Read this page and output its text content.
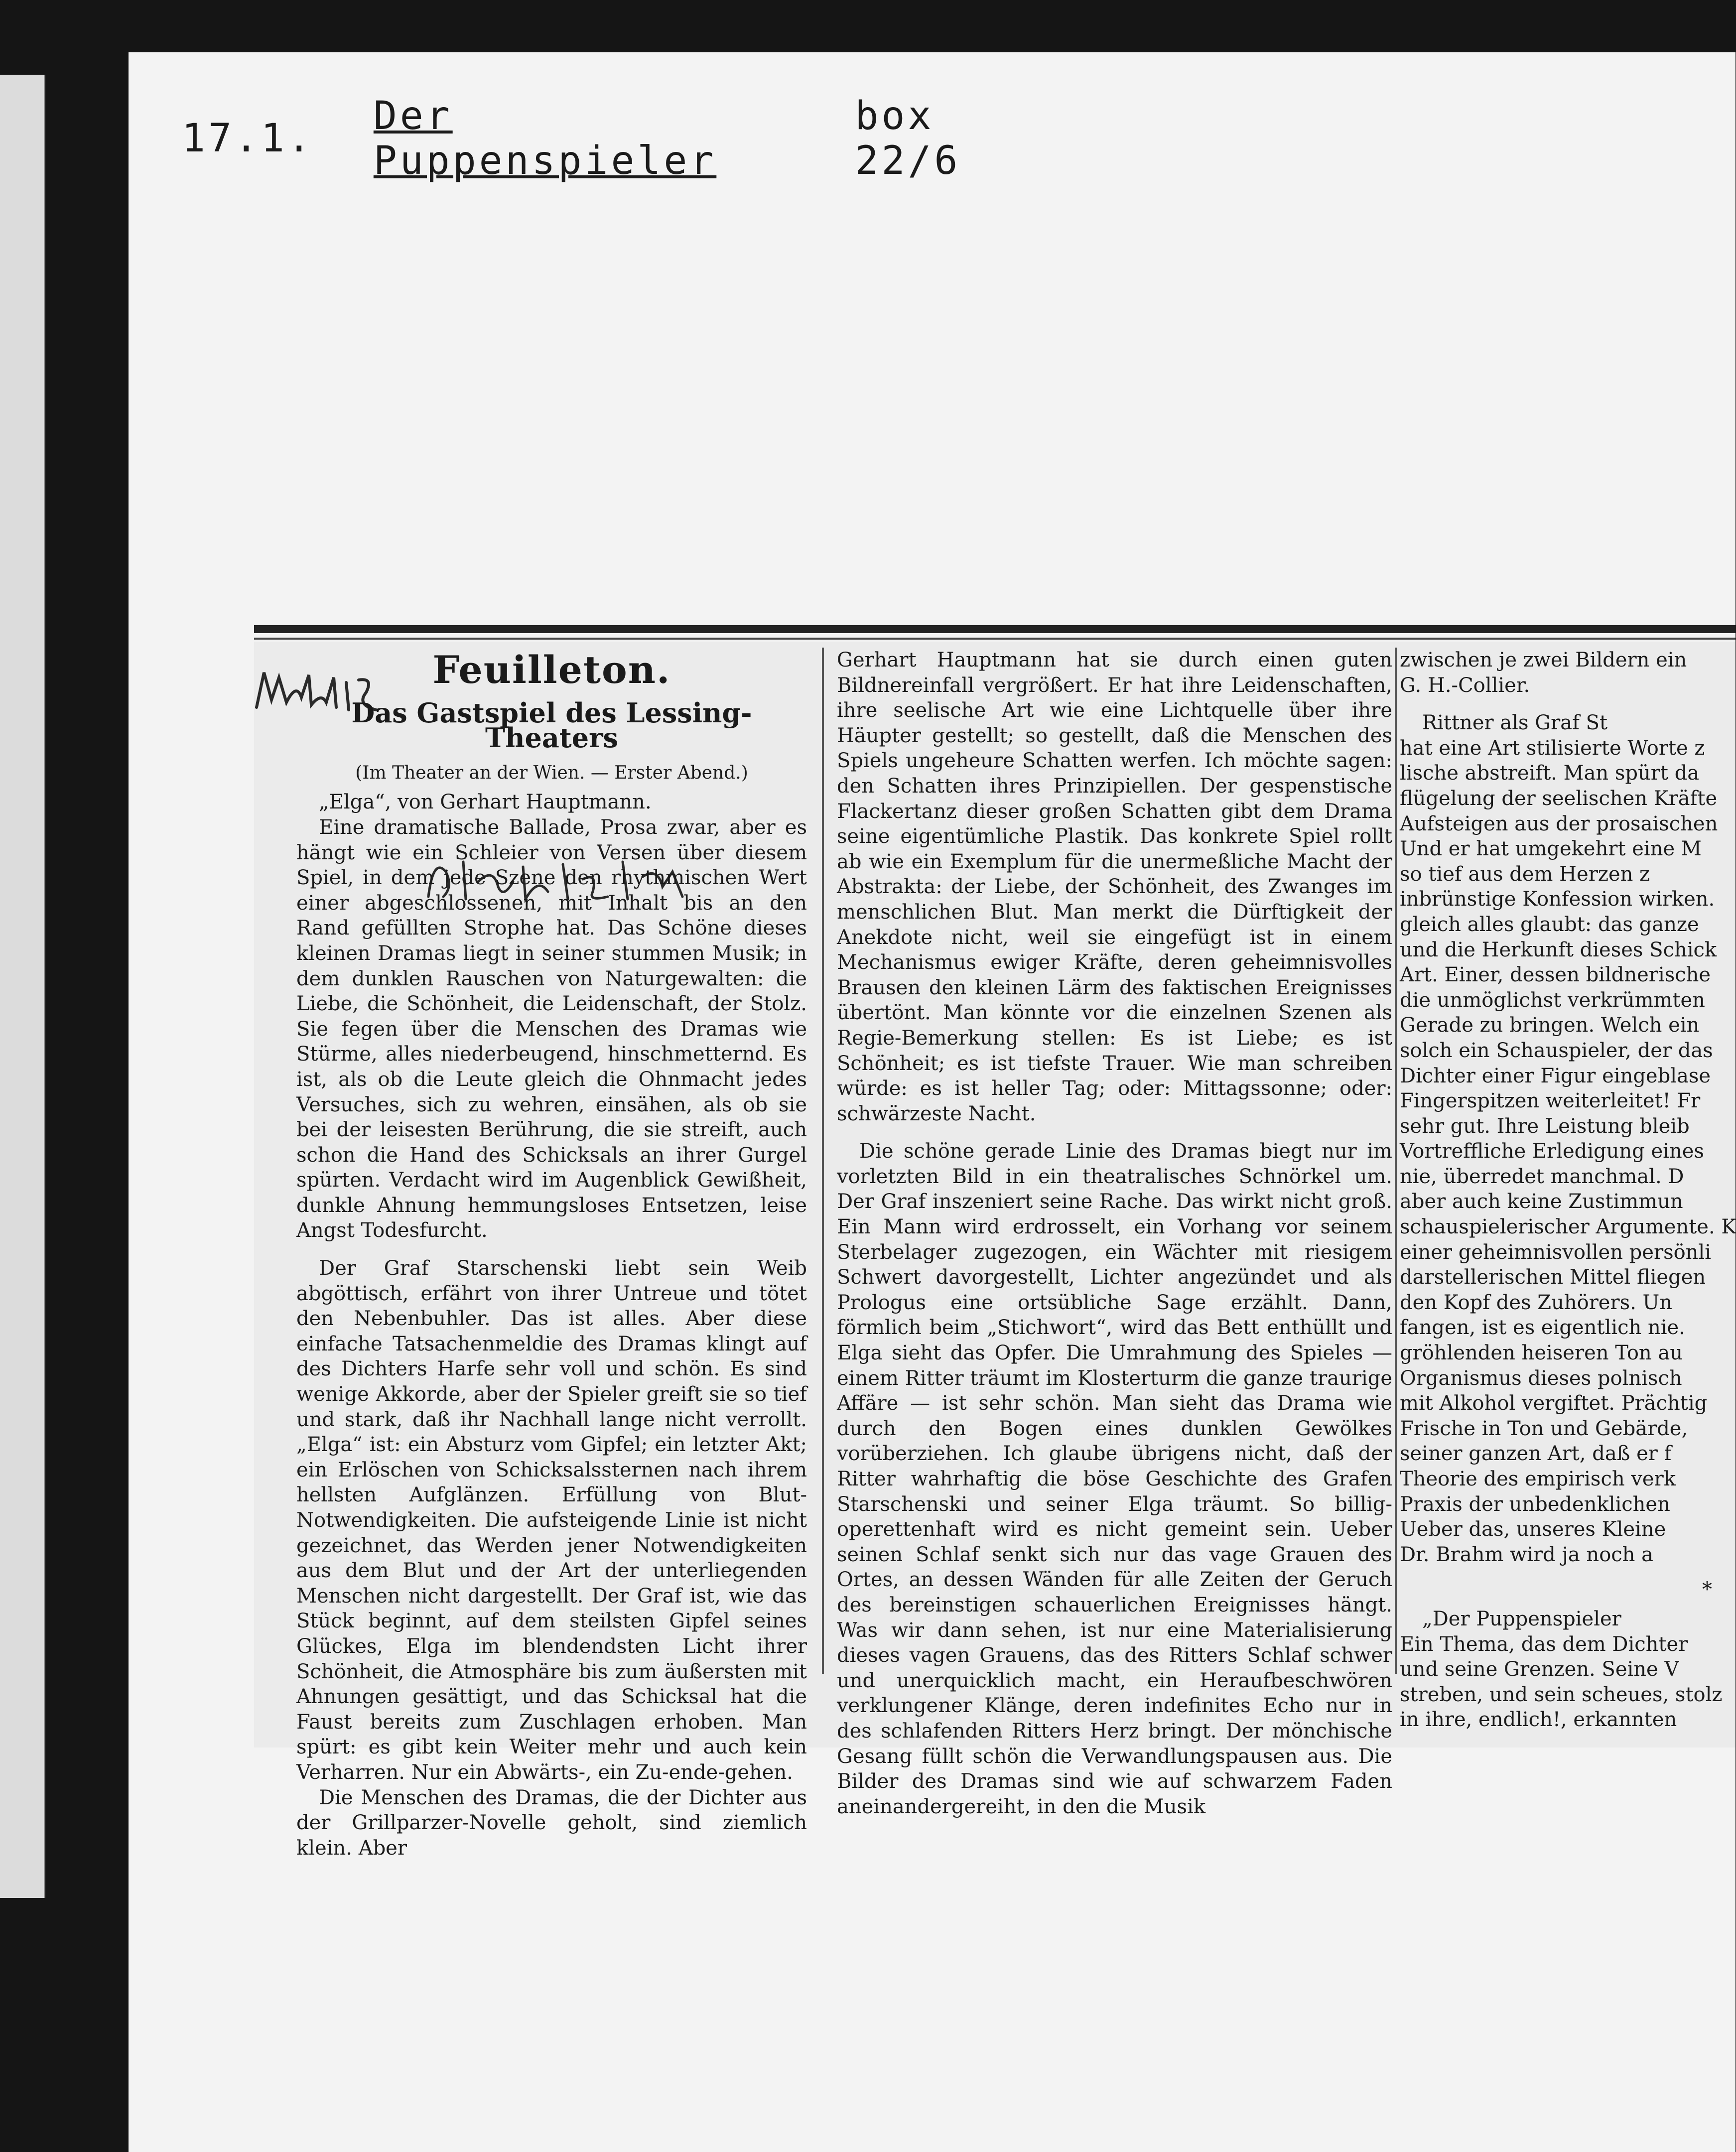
17.1. Der Puppenspieler
box 22/6
Feuilleton.
Das Gastspiel des Lessing-Theaters
(Im Theater an der Wien. — Erster Abend.)

„Elga“, von Gerhart Hauptmann.

Eine dramatische Ballade, Prosa zwar, aber es hängt wie ein Schleier von Versen über diesem Spiel, in dem jede Szene den rhythmischen Wert einer abgeschlossenen, mit Inhalt bis an den Rand gefüllten Strophe hat. Das Schöne dieses kleinen Dramas liegt in seiner stummen Musik; in dem dunklen Rauschen von Naturgewalten: die Liebe, die Schönheit, die Leidenschaft, der Stolz. Sie fegen über die Menschen des Dramas wie Stürme, alles niederbeugend, hinschmetternd. Es ist, als ob die Leute gleich die Ohnmacht jedes Versuches, sich zu wehren, einsähen, als ob sie bei der leisesten Berührung, die sie streift, auch schon die Hand des Schicksals an ihrer Gurgel spürten. Verdacht wird im Augenblick Gewißheit, dunkle Ahnung hemmungsloses Entsetzen, leise Angst Todesfurcht.

Der Graf Starschenski liebt sein Weib abgöttisch, erfährt von ihrer Untreue und tötet den Nebenbuhler. Das ist alles. Aber diese einfache Tatsachenmeldie des Dramas klingt auf des Dichters Harfe sehr voll und schön. Es sind wenige Akkorde, aber der Spieler greift sie so tief und stark, daß ihr Nachhall lange nicht verrollt. „Elga“ ist: ein Absturz vom Gipfel; ein letzter Akt; ein Erlöschen von Schicksalssternen nach ihrem hellsten Aufglänzen. Erfüllung von Blut-Notwendigkeiten. Die aufsteigende Linie ist nicht gezeichnet, das Werden jener Notwendigkeiten aus dem Blut und der Art der unterliegenden Menschen nicht dargestellt. Der Graf ist, wie das Stück beginnt, auf dem steilsten Gipfel seines Glückes, Elga im blendendsten Licht ihrer Schönheit, die Atmosphäre bis zum äußersten mit Ahnungen gesättigt, und das Schicksal hat die Faust bereits zum Zuschlagen erhoben. Man spürt: es gibt kein Weiter mehr und auch kein Verharren. Nur ein Abwärts-, ein Zu-ende-gehen.

Die Menschen des Dramas, die der Dichter aus der Grillparzer-Novelle geholt, sind ziemlich klein. Aber

Gerhart Hauptmann hat sie durch einen guten Bildnereinfall vergrößert. Er hat ihre Leidenschaften, ihre seelische Art wie eine Lichtquelle über ihre Häupter gestellt; so gestellt, daß die Menschen des Spiels ungeheure Schatten werfen. Ich möchte sagen: den Schatten ihres Prinzipiellen. Der gespenstische Flackertanz dieser großen Schatten gibt dem Drama seine eigentümliche Plastik. Das konkrete Spiel rollt ab wie ein Exemplum für die unermeßliche Macht der Abstrakta: der Liebe, der Schönheit, des Zwanges im menschlichen Blut. Man merkt die Dürftigkeit der Anekdote nicht, weil sie eingefügt ist in einem Mechanismus ewiger Kräfte, deren geheimnisvolles Brausen den kleinen Lärm des faktischen Ereignisses übertönt. Man könnte vor die einzelnen Szenen als Regie-Bemerkung stellen: Es ist Liebe; es ist Schönheit; es ist tiefste Trauer. Wie man schreiben würde: es ist heller Tag; oder: Mittagssonne; oder: schwärzeste Nacht.

Die schöne gerade Linie des Dramas biegt nur im vorletzten Bild in ein theatralisches Schnörkel um. Der Graf inszeniert seine Rache. Das wirkt nicht groß. Ein Mann wird erdrosselt, ein Vorhang vor seinem Sterbelager zugezogen, ein Wächter mit riesigem Schwert davorgestellt, Lichter angezündet und als Prologus eine ortsübliche Sage erzählt. Dann, förmlich beim „Stichwort“, wird das Bett enthüllt und Elga sieht das Opfer. Die Umrahmung des Spieles — einem Ritter träumt im Klosterturm die ganze traurige Affäre — ist sehr schön. Man sieht das Drama wie durch den Bogen eines dunklen Gewölkes vorüberziehen. Ich glaube übrigens nicht, daß der Ritter wahrhaftig die böse Geschichte des Grafen Starschenski und seiner Elga träumt. So billig-operettenhaft wird es nicht gemeint sein. Ueber seinen Schlaf senkt sich nur das vage Grauen des Ortes, an dessen Wänden für alle Zeiten der Geruch des bereinstigen schauerlichen Ereignisses hängt. Was wir dann sehen, ist nur eine Materialisierung dieses vagen Grauens, das des Ritters Schlaf schwer und unerquicklich macht, ein Heraufbeschwören verklungener Klänge, deren indefinites Echo nur in des schlafenden Ritters Herz bringt. Der mönchische Gesang füllt schön die Verwandlungspausen aus. Die Bilder des Dramas sind wie auf schwarzem Faden aneinandergereiht, in den die Musik

zwischen je zwei Bildern ein
G. H.-Collier.
Rittner als Graf St
hat eine Art stilisierte Worte z
lische abstreift. Man spürt da
flügelung der seelischen Kräfte
Aufsteigen aus der prosaischen
Und er hat umgekehrt eine M
so tief aus dem Herzen z
inbrünstige Konfession wirken.
gleich alles glaubt: das ganze
und die Herkunft dieses Schick
Art. Einer, dessen bildnerische
die unmöglichst verkrümmten
Gerade zu bringen. Welch ein
solch ein Schauspieler, der das
Dichter einer Figur eingeblase
Fingerspitzen weiterleitet! Fr
sehr gut. Ihre Leistung bleib
Vortreffliche Erledigung eines
nie, überredet manchmal. D
aber auch keine Zustimmun
schauspielerischer Argumente. K
einer geheimnisvollen persönli
darstellerischen Mittel fliegen
den Kopf des Zuhörers. Un
fangen, ist es eigentlich nie.
gröhlenden heiseren Ton au
Organismus dieses polnisch
mit Alkohol vergiftet. Prächtig
Frische in Ton und Gebärde,
seiner ganzen Art, daß er f
Theorie des empirisch verk
Praxis der unbedenklichen
Ueber das, unseres Kleine
Dr. Brahm wird ja noch a
*
„Der Puppenspieler
Ein Thema, das dem Dichter
und seine Grenzen. Seine V
streben, und sein scheues, stolz
in ihre, endlich!, erkannten
